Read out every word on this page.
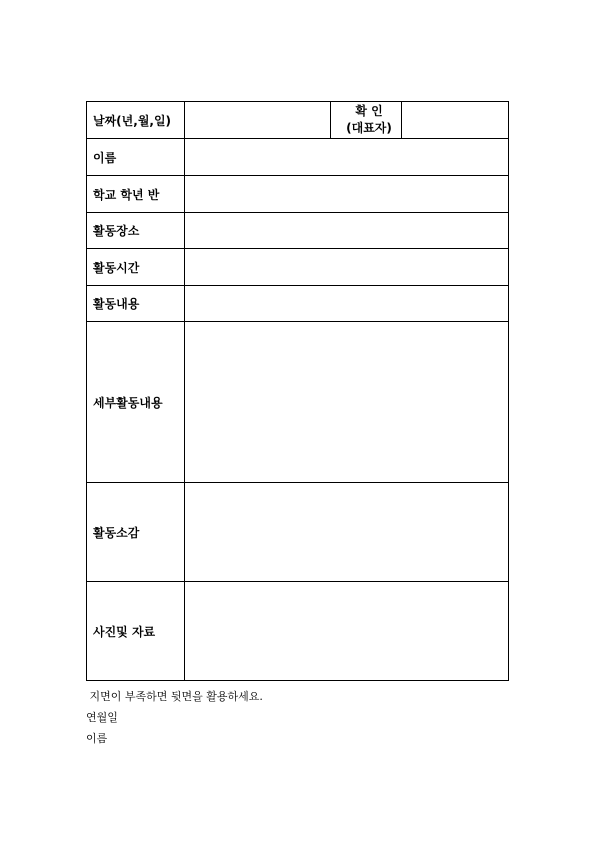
날짜(년,월,일)		확 인
(대표자)	

이름			
학교 학년 반			
활동장소			
활동시간			
활동내용			
세부활동내용			
활동소감			
사진및 자료			
지면이 부족하면 뒷면을 활용하세요.
연월일
이름
